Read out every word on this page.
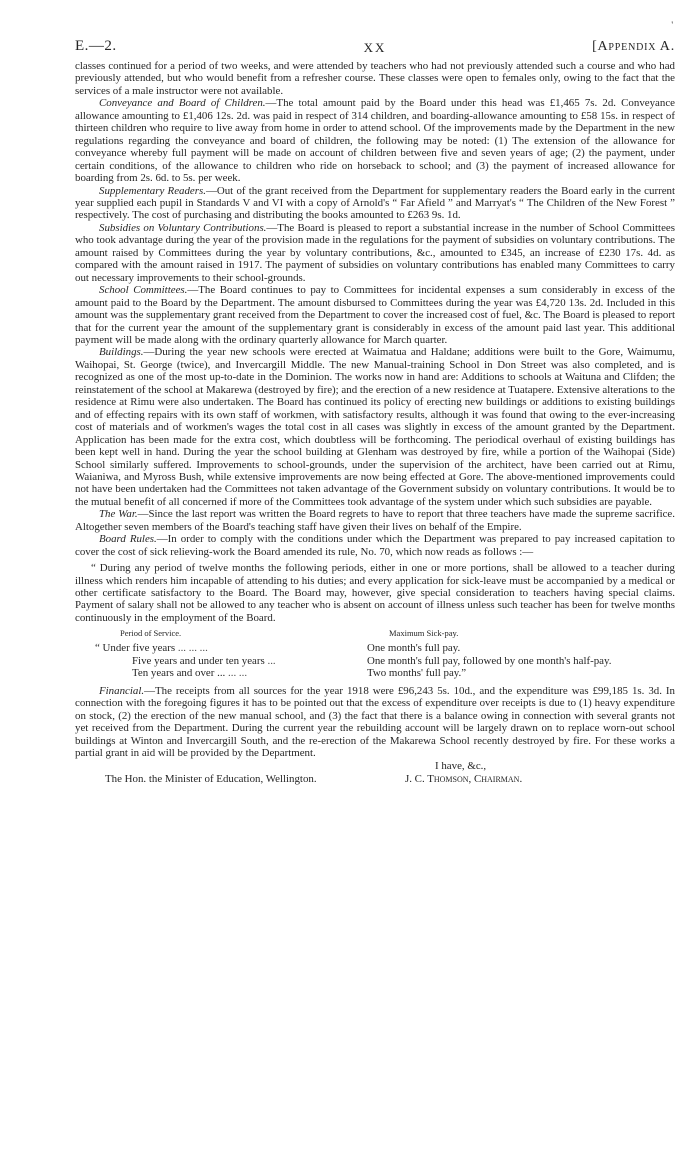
'
E.—2.	XX	[Appendix A.

classes continued for a period of two weeks, and were attended by teachers who had not previously attended such a course and who had previously attended, but who would benefit from a refresher course. These classes were open to females only, owing to the fact that the services of a male instructor were not available.

Conveyance and Board of Children.—The total amount paid by the Board under this head was £1,465 7s. 2d. Conveyance allowance amounting to £1,406 12s. 2d. was paid in respect of 314 children, and boarding-allowance amounting to £58 15s. in respect of thirteen children who require to live away from home in order to attend school. Of the improvements made by the Department in the new regulations regarding the conveyance and board of children, the following may be noted: (1) The extension of the allowance for conveyance whereby full payment will be made on account of children between five and seven years of age; (2) the payment, under certain conditions, of the allowance to children who ride on horseback to school; and (3) the payment of increased allowance for boarding from 2s. 6d. to 5s. per week.

Supplementary Readers.—Out of the grant received from the Department for supplementary readers the Board early in the current year supplied each pupil in Standards V and VI with a copy of Arnold's “ Far Afield ” and Marryat's “ The Children of the New Forest ” respectively. The cost of purchasing and distributing the books amounted to £263 9s. 1d.

Subsidies on Voluntary Contributions.—The Board is pleased to report a substantial increase in the number of School Committees who took advantage during the year of the provision made in the regulations for the payment of subsidies on voluntary contributions. The amount raised by Committees during the year by voluntary contributions, &c., amounted to £345, an increase of £230 17s. 4d. as compared with the amount raised in 1917. The payment of subsidies on voluntary contributions has enabled many Committees to carry out necessary improvements to their school-grounds.

School Committees.—The Board continues to pay to Committees for incidental expenses a sum considerably in excess of the amount paid to the Board by the Department. The amount disbursed to Committees during the year was £4,720 13s. 2d. Included in this amount was the supplementary grant received from the Department to cover the increased cost of fuel, &c. The Board is pleased to report that for the current year the amount of the supplementary grant is considerably in excess of the amount paid last year. This additional payment will be made along with the ordinary quarterly allowance for March quarter.

Buildings.—During the year new schools were erected at Waimatua and Haldane; additions were built to the Gore, Waimumu, Waihopai, St. George (twice), and Invercargill Middle. The new Manual-training School in Don Street was also completed, and is recognized as one of the most up-to-date in the Dominion. The works now in hand are: Additions to schools at Waituna and Clifden; the reinstatement of the school at Makarewa (destroyed by fire); and the erection of a new residence at Tuatapere. Extensive alterations to the residence at Rimu were also undertaken. The Board has continued its policy of erecting new buildings or additions to existing buildings and of effecting repairs with its own staff of workmen, with satisfactory results, although it was found that owing to the ever-increasing cost of materials and of workmen's wages the total cost in all cases was slightly in excess of the amount granted by the Department. Application has been made for the extra cost, which doubtless will be forthcoming. The periodical overhaul of existing buildings has been kept well in hand. During the year the school building at Glenham was destroyed by fire, while a portion of the Waihopai (Side) School similarly suffered. Improvements to school-grounds, under the supervision of the architect, have been carried out at Rimu, Waianiwa, and Myross Bush, while extensive improvements are now being effected at Gore. The above-mentioned improvements could not have been undertaken had the Committees not taken advantage of the Government subsidy on voluntary contributions. It would be to the mutual benefit of all concerned if more of the Committees took advantage of the system under which such subsidies are payable.

The War.—Since the last report was written the Board regrets to have to report that three teachers have made the supreme sacrifice. Altogether seven members of the Board's teaching staff have given their lives on behalf of the Empire.

Board Rules.—In order to comply with the conditions under which the Department was prepared to pay increased capitation to cover the cost of sick relieving-work the Board amended its rule, No. 70, which now reads as follows :—

“ During any period of twelve months the following periods, either in one or more portions, shall be allowed to a teacher during illness which renders him incapable of attending to his duties; and every application for sick-leave must be accompanied by a medical or other certificate satisfactory to the Board. The Board may, however, give special consideration to teachers having special claims. Payment of salary shall not be allowed to any teacher who is absent on account of illness unless such teacher has been for twelve months continuously in the employment of the Board.

Period of Service.	Maximum Sick-pay.
“ Under five years ... ... ...	One month's full pay.
Five years and under ten years ...	One month's full pay, followed by one month's half-pay.
Ten years and over ... ... ...	Two months' full pay.”

Financial.—The receipts from all sources for the year 1918 were £96,243 5s. 10d., and the expenditure was £99,185 1s. 3d. In connection with the foregoing figures it has to be pointed out that the excess of expenditure over receipts is due to (1) heavy expenditure on stock, (2) the erection of the new manual school, and (3) the fact that there is a balance owing in connection with several grants not yet received from the Department. During the current year the rebuilding account will be largely drawn on to replace worn-out school buildings at Winton and Invercargill South, and the re-erection of the Makarewa School recently destroyed by fire. For these works a partial grant in aid will be provided by the Department.

I have, &c.,
The Hon. the Minister of Education, Wellington.	J. C. Thomson, Chairman.
